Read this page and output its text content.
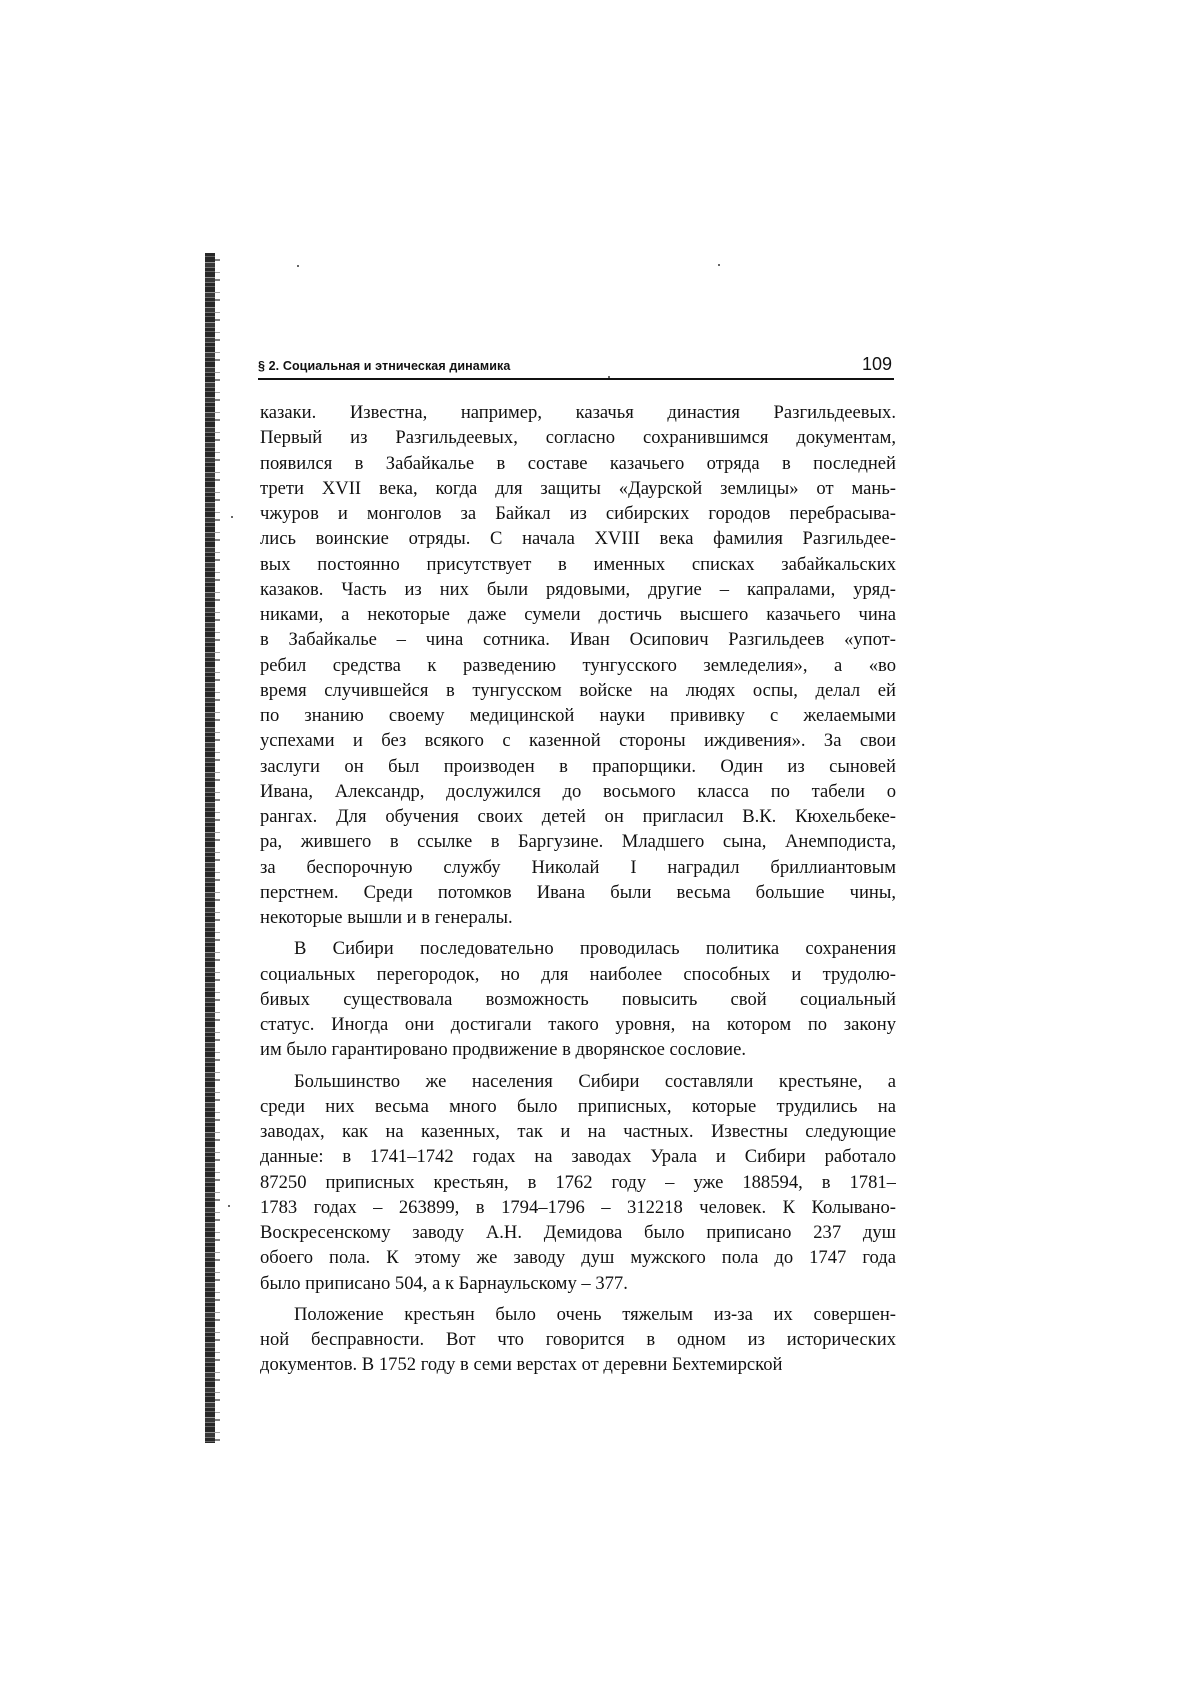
§ 2. Социальная и этническая динамика	109
казаки. Известна, например, казачья династия Разгильдеевых.
Первый из Разгильдеевых, согласно сохранившимся документам,
появился в Забайкалье в составе казачьего отряда в последней
трети XVII века, когда для защиты «Даурской землицы» от мань-
чжуров и монголов за Байкал из сибирских городов перебрасыва-
лись воинские отряды. С начала XVIII века фамилия Разгильдее-
вых постоянно присутствует в именных списках забайкальских
казаков. Часть из них были рядовыми, другие – капралами, уряд-
никами, а некоторые даже сумели достичь высшего казачьего чина
в Забайкалье – чина сотника. Иван Осипович Разгильдеев «упот-
ребил средства к разведению тунгусского земледелия», а «во
время случившейся в тунгусском войске на людях оспы, делал ей
по знанию своему медицинской науки прививку с желаемыми
успехами и без всякого с казенной стороны иждивения». За свои
заслуги он был производен в прапорщики. Один из сыновей
Ивана, Александр, дослужился до восьмого класса по табели о
рангах. Для обучения своих детей он пригласил В.К. Кюхельбеке-
ра, жившего в ссылке в Баргузине. Младшего сына, Анемподиста,
за беспорочную службу Николай I наградил бриллиантовым
перстнем. Среди потомков Ивана были весьма большие чины,
некоторые вышли и в генералы.
В Сибири последовательно проводилась политика сохранения
социальных перегородок, но для наиболее способных и трудолю-
бивых существовала возможность повысить свой социальный
статус. Иногда они достигали такого уровня, на котором по закону
им было гарантировано продвижение в дворянское сословие.
Большинство же населения Сибири составляли крестьяне, а
среди них весьма много было приписных, которые трудились на
заводах, как на казенных, так и на частных. Известны следующие
данные: в 1741–1742 годах на заводах Урала и Сибири работало
87250 приписных крестьян, в 1762 году – уже 188594, в 1781–
1783 годах – 263899, в 1794–1796 – 312218 человек. К Колывано-
Воскресенскому заводу А.Н. Демидова было приписано 237 душ
обоего пола. К этому же заводу душ мужского пола до 1747 года
было приписано 504, а к Барнаульскому – 377.
Положение крестьян было очень тяжелым из-за их совершен-
ной бесправности. Вот что говорится в одном из исторических
документов. В 1752 году в семи верстах от деревни Бехтемирской
